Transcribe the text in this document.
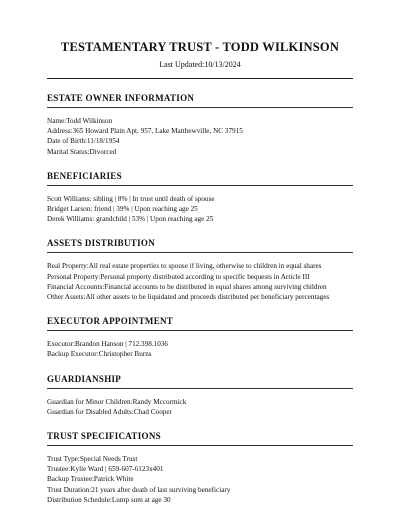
TESTAMENTARY TRUST - TODD WILKINSON
Last Updated:10/13/2024
ESTATE OWNER INFORMATION
Name:Todd Wilkinson
Address:365 Howard Plain Apt. 957, Lake Matthewville, NC 37915
Date of Birth:11/18/1954
Marital Status:Divorced
BENEFICIARIES
Scott Williams: sibling | 8% | In trust until death of spouse
Bridget Larson: friend | 39% | Upon reaching age 25
Derek Williams: grandchild | 53% | Upon reaching age 25
ASSETS DISTRIBUTION
Real Property:All real estate properties to spouse if living, otherwise to children in equal shares
Personal Property:Personal property distributed according to specific bequests in Article III
Financial Accounts:Financial accounts to be distributed in equal shares among surviving children
Other Assets:All other assets to be liquidated and proceeds distributed per beneficiary percentages
EXECUTOR APPOINTMENT
Executor:Brandon Hanson | 712.398.1036
Backup Executor:Christopher Burns
GUARDIANSHIP
Guardian for Minor Children:Randy Mccormick
Guardian for Disabled Adults:Chad Cooper
TRUST SPECIFICATIONS
Trust Type:Special Needs Trust
Trustee:Kylie Ward | 659-607-6123x401
Backup Trustee:Patrick White
Trust Duration:21 years after death of last surviving beneficiary
Distribution Schedule:Lump sum at age 30
